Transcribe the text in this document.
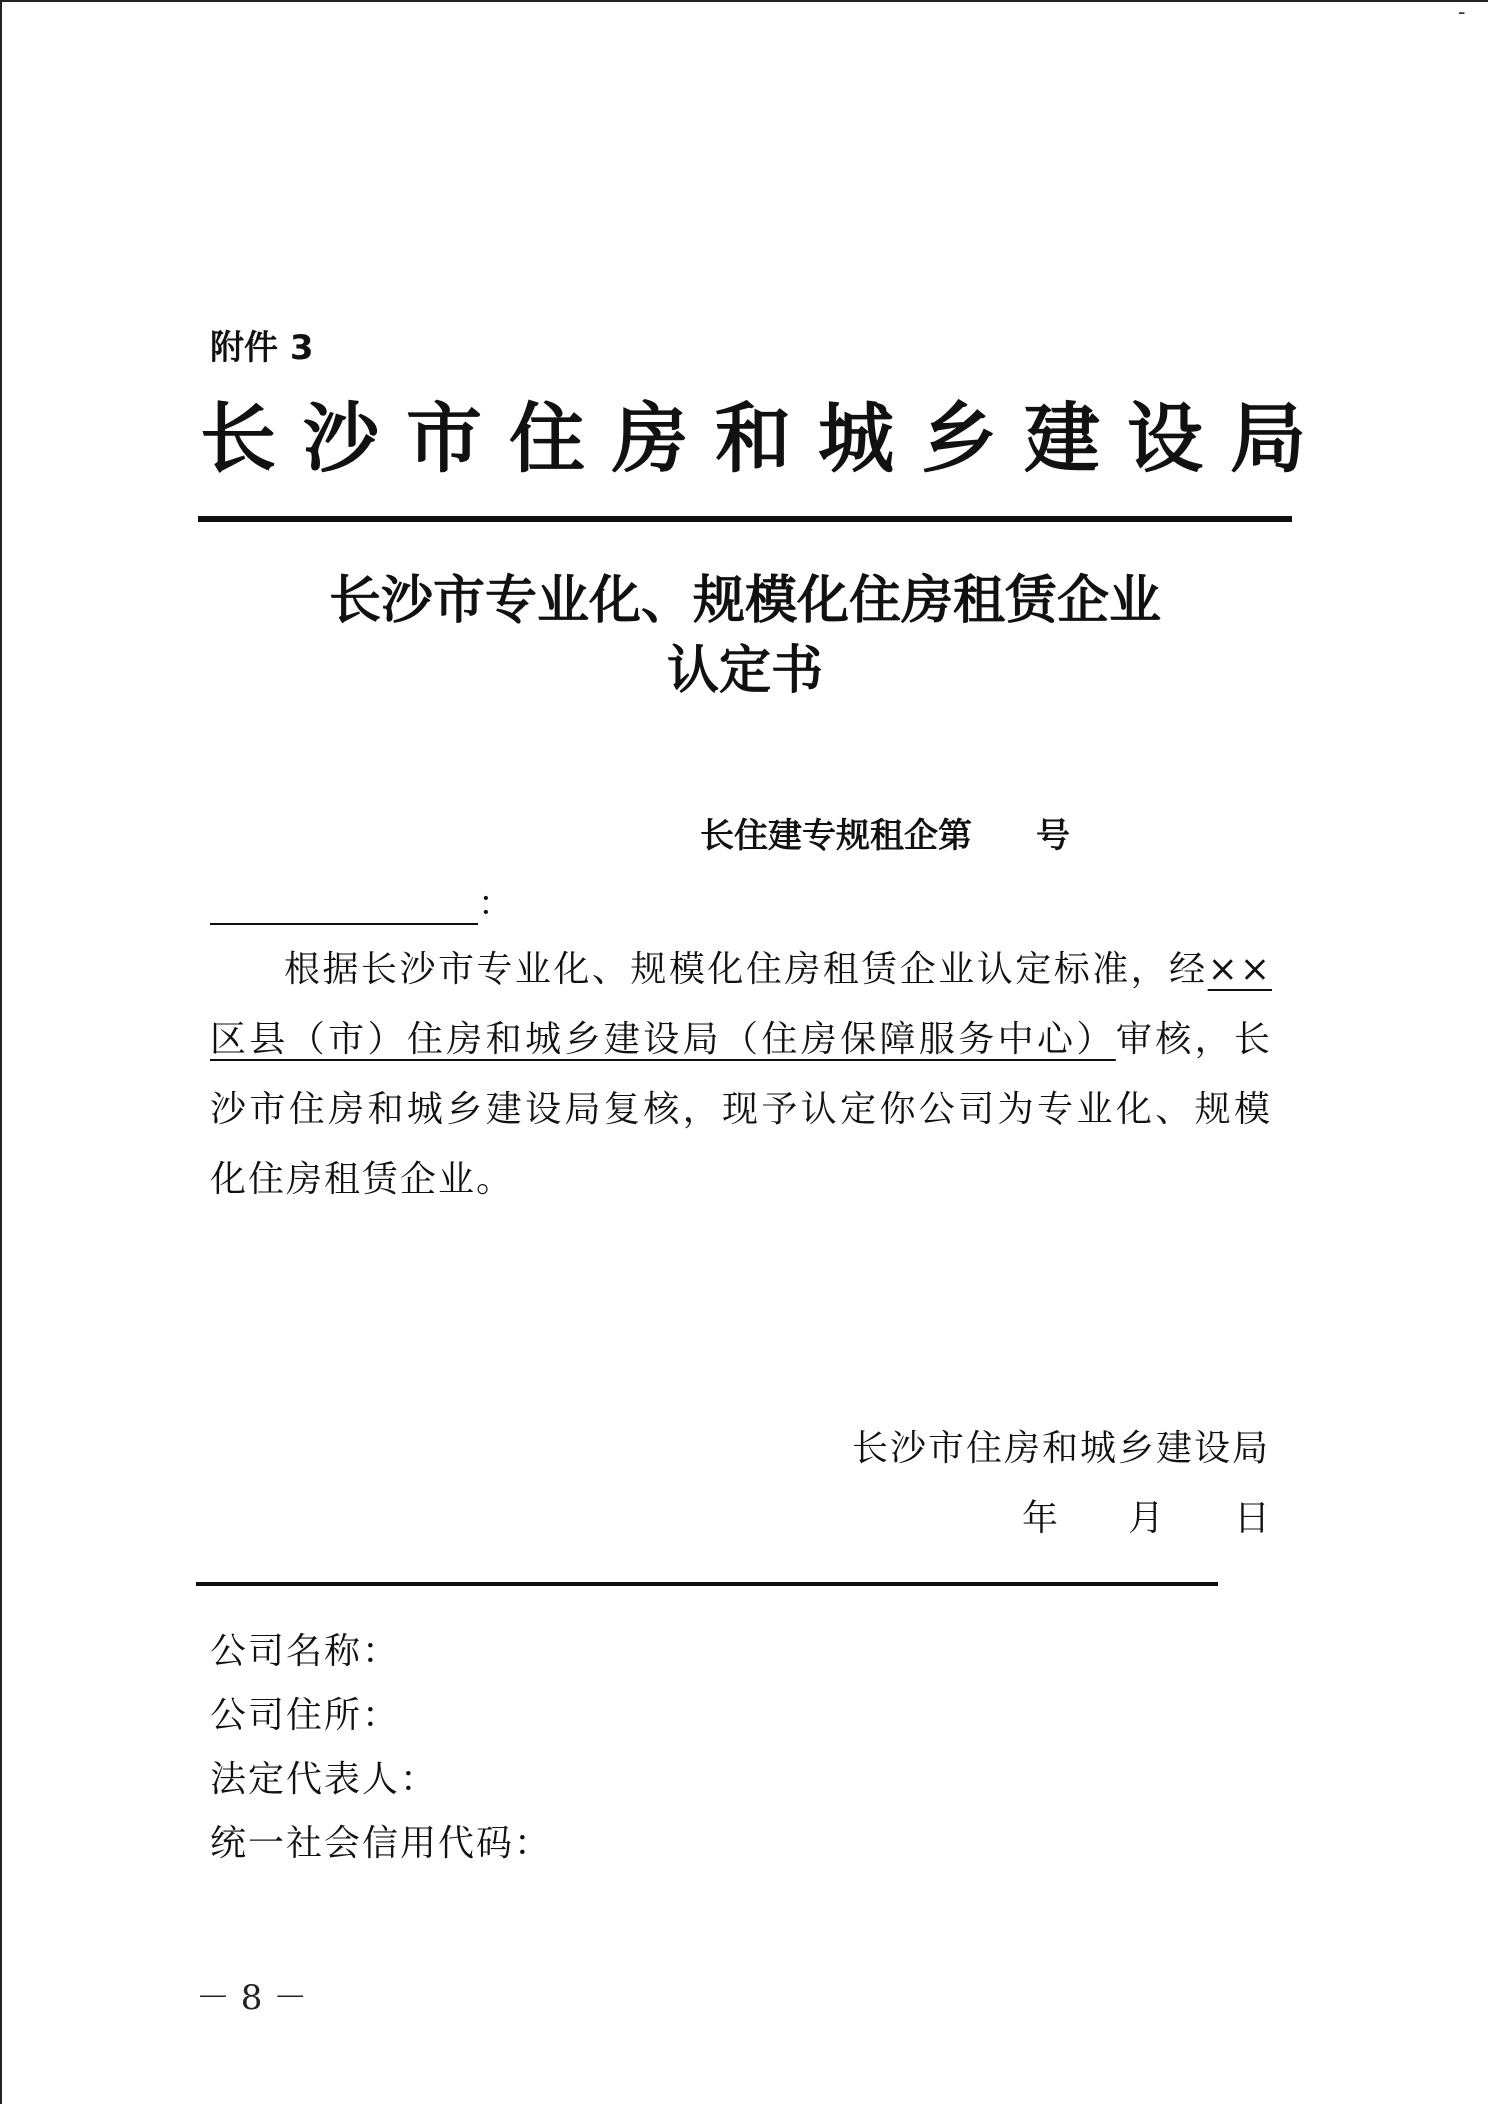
-
附件 3
长沙市住房和城乡建设局
长沙市专业化、规模化住房租赁企业
认定书
长住建专规租企第 号
：
根据长沙市专业化、规模化住房租赁企业认定标准，经××区县（市）住房和城乡建设局（住房保障服务中心）审核，长沙市住房和城乡建设局复核，现予认定你公司为专业化、规模化住房租赁企业。
长沙市住房和城乡建设局
年 月 日
公司名称：
公司住所：
法定代表人：
统一社会信用代码：
－ 8 －
